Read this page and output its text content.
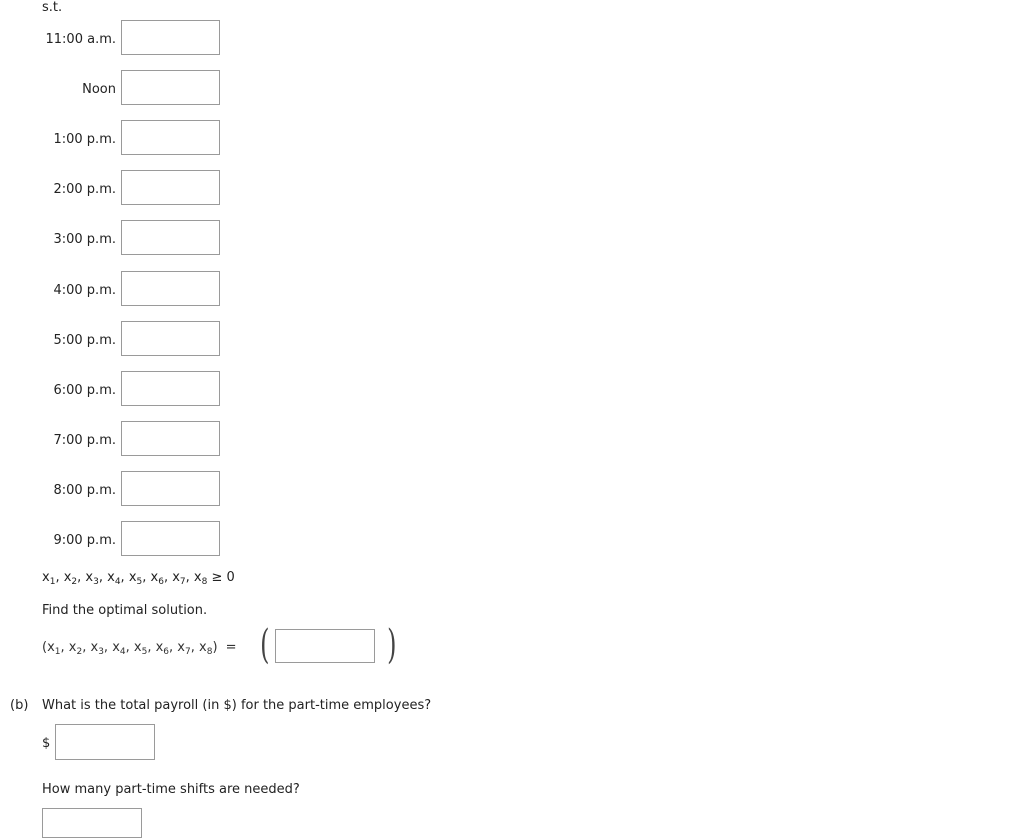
s.t.
11:00 a.m.
Noon
1:00 p.m.
2:00 p.m.
3:00 p.m.
4:00 p.m.
5:00 p.m.
6:00 p.m.
7:00 p.m.
8:00 p.m.
9:00 p.m.
$x_1$, $x_2$, $x_3$, $x_4$, $x_5$, $x_6$, $x_7$, $x_8 \ge 0$
Find the optimal solution.
($x_1$, $x_2$, $x_3$, $x_4$, $x_5$, $x_6$, $x_7$, $x_8$) = (	)
(b) What is the total payroll (in $) for the part-time employees?
$
How many part-time shifts are needed?
